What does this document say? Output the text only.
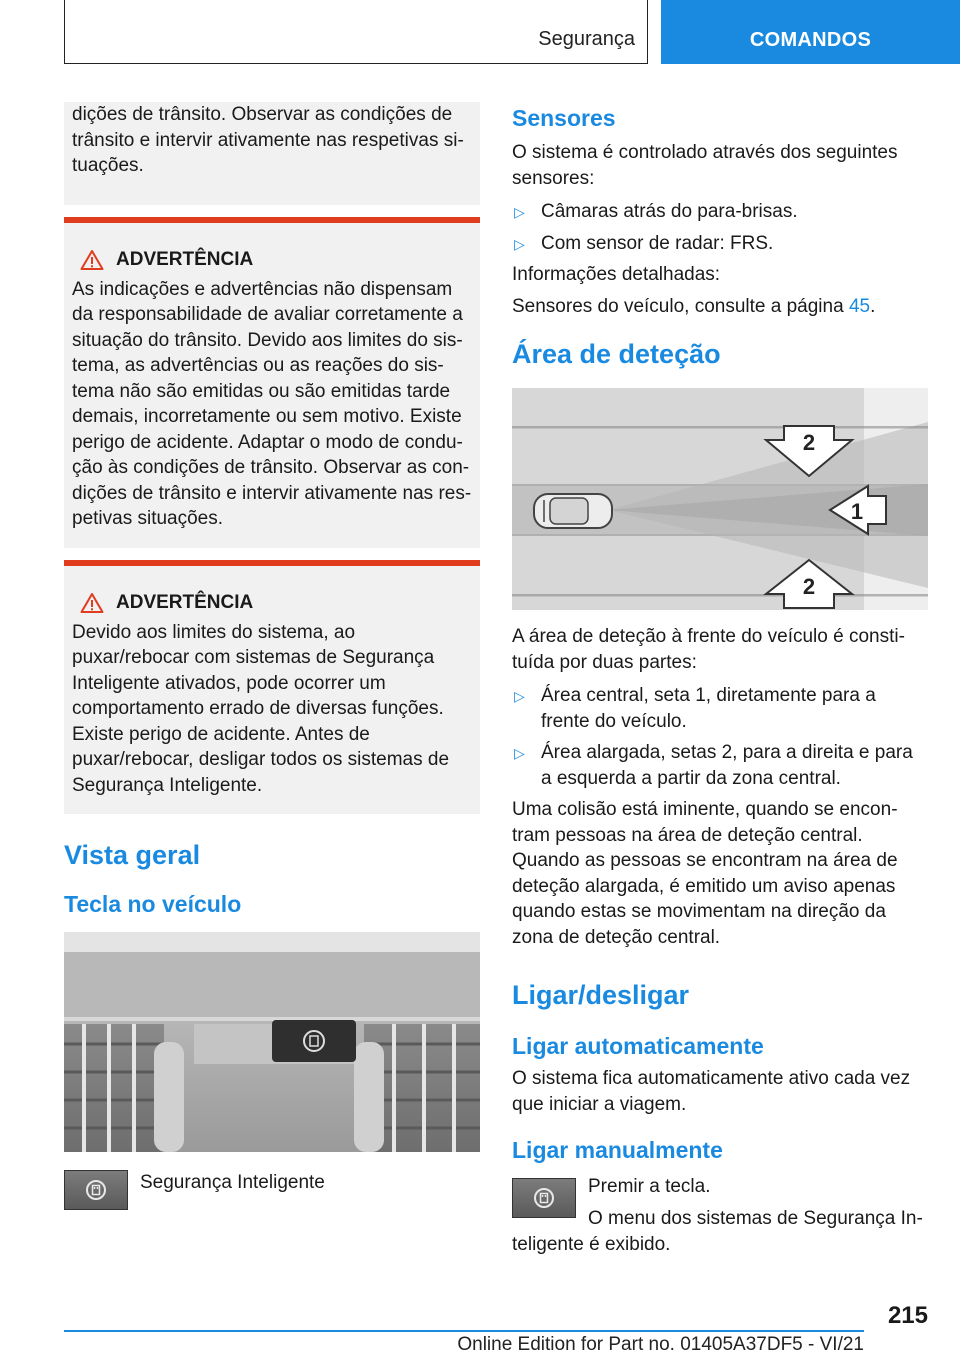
Segurança	COMANDOS

dições de trânsito. Observar as condições de trânsito e intervir ativamente nas respetivas situações.

ADVERTÊNCIA

As indicações e advertências não dispensam da responsabilidade de avaliar corretamente a situação do trânsito. Devido aos limites do sistema, as advertências ou as reações do sistema não são emitidas ou são emitidas tarde demais, incorretamente ou sem motivo. Existe perigo de acidente. Adaptar o modo de condução às condições de trânsito. Observar as condições de trânsito e intervir ativamente nas respetivas situações.

ADVERTÊNCIA

Devido aos limites do sistema, ao puxar/rebocar com sistemas de Segurança Inteligente ativados, pode ocorrer um comportamento errado de diversas funções. Existe perigo de acidente. Antes de puxar/rebocar, desligar todos os sistemas de Segurança Inteligente.

Vista geral
Tecla no veículo
Segurança Inteligente
Sensores

O sistema é controlado através dos seguintes sensores:

▷ Câmaras atrás do para-brisas.
▷ Com sensor de radar: FRS.

Informações detalhadas:

Sensores do veículo, consulte a página 45.

Área de deteção
2
1
2

A área de deteção à frente do veículo é constituída por duas partes:

▷ Área central, seta 1, diretamente para a frente do veículo.
▷ Área alargada, setas 2, para a direita e para a esquerda a partir da zona central.

Uma colisão está iminente, quando se encontram pessoas na área de deteção central. Quando as pessoas se encontram na área de deteção alargada, é emitido um aviso apenas quando estas se movimentam na direção da zona de deteção central.

Ligar/desligar
Ligar automaticamente

O sistema fica automaticamente ativo cada vez que iniciar a viagem.

Ligar manualmente

Premir a tecla.

O menu dos sistemas de Segurança Inteligente é exibido.

215
Online Edition for Part no. 01405A37DF5 - VI/21
